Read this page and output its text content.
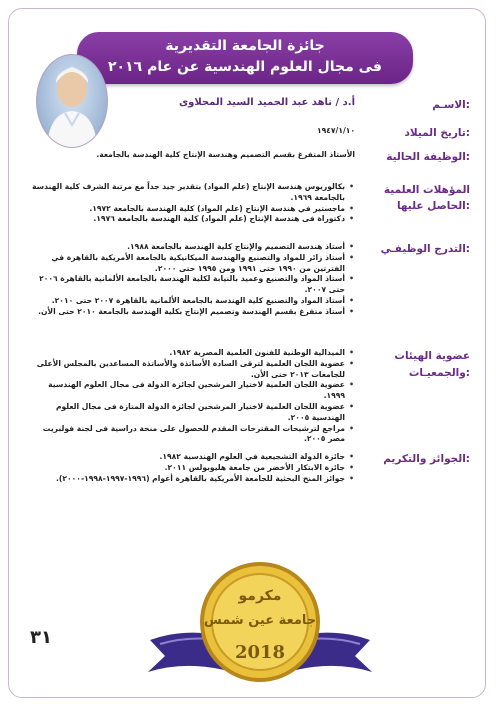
جائزة الجامعة التقديرية
فى مجال العلوم الهندسية عن عام ٢٠١٦
الاسـم:
أ.د / ناهد عبد الحميد السيد المحلاوى
تاريخ الميلاد:
١٩٤٧/١/١٠
الوظيفة الحالية:
الأستاذ المتفرغ بقسم التصميم وهندسة الإنتاج كلية الهندسة بالجامعة.
المؤهلات العلمية الحاصل عليها:
• بكالوريوس هندسة الإنتاج (علم المواد) بتقدير جيد جداً مع مرتبة الشرف كلية الهندسة بالجامعة ١٩٦٩.
• ماجستير في هندسة الإنتاج (علم المواد) كلية الهندسة بالجامعة ١٩٧٢.
• دكتوراة فى هندسة الإنتاج (علم المواد) كلية الهندسة بالجامعة ١٩٧٦.
التدرج الوظيفـي:
• أستاذ هندسة التصميم والإنتاج كلية الهندسة بالجامعة ١٩٨٨.
• أستاذ زائر للمواد والتصنيع والهندسة الميكانيكية بالجامعة الأمريكية بالقاهرة في الفترتين من ١٩٩٠ حتى ١٩٩١ ومن ١٩٩٥ حتى ٢٠٠٠.
• أستاذ المواد والتصنيع وعميد بالنيابة لكلية الهندسة بالجامعة الألمانية بالقاهرة ٢٠٠٦ حتى ٢٠٠٧.
• أستاذ المواد والتصنيع كلية الهندسة بالجامعة الألمانية بالقاهرة ٢٠٠٧ حتى ٢٠١٠.
• أستاذ متفرغ بقسم الهندسة وتصميم الإنتاج بكلية الهندسة بالجامعة ٢٠١٠ حتى الأن.
عضوية الهيئات والجمعيـات:
• الميدالية الوطنية للفنون العلمية المصرية ١٩٨٢.
• عضوية اللجان العلمية لترقى السادة الأساتذة والأساتذة المساعدين بالمجلس الأعلى للجامعات ٢٠١٣ حتى الأن.
• عضوية اللجان العلمية لاختيار المرشحين لجائزة الدولة فى مجال العلوم الهندسية ١٩٩٩.
• عضوية اللجان العلمية لاختيار المرشحين لجائزة الدولة المتازة فى مجال العلوم الهندسية ٢٠٠٥.
• مراجع لترشيحات المقترحات المقدم للحصول على منحة دراسية فى لجنة فولبريت مصر ٢٠٠٥.
الجوائز والتكريم:
• جائزة الدولة التشجيعية في العلوم الهندسية ١٩٨٢.
• جائزة الابتكار الأخضر من جامعة هليوبولس ٢٠١١.
• جوائز المنح البحثية للجامعة الأمريكية بالقاهرة أعوام (١٩٩٦-١٩٩٧-١٩٩٨-٢٠٠٠).
مكرمو
جامعة عين شمس
2018
٣١
